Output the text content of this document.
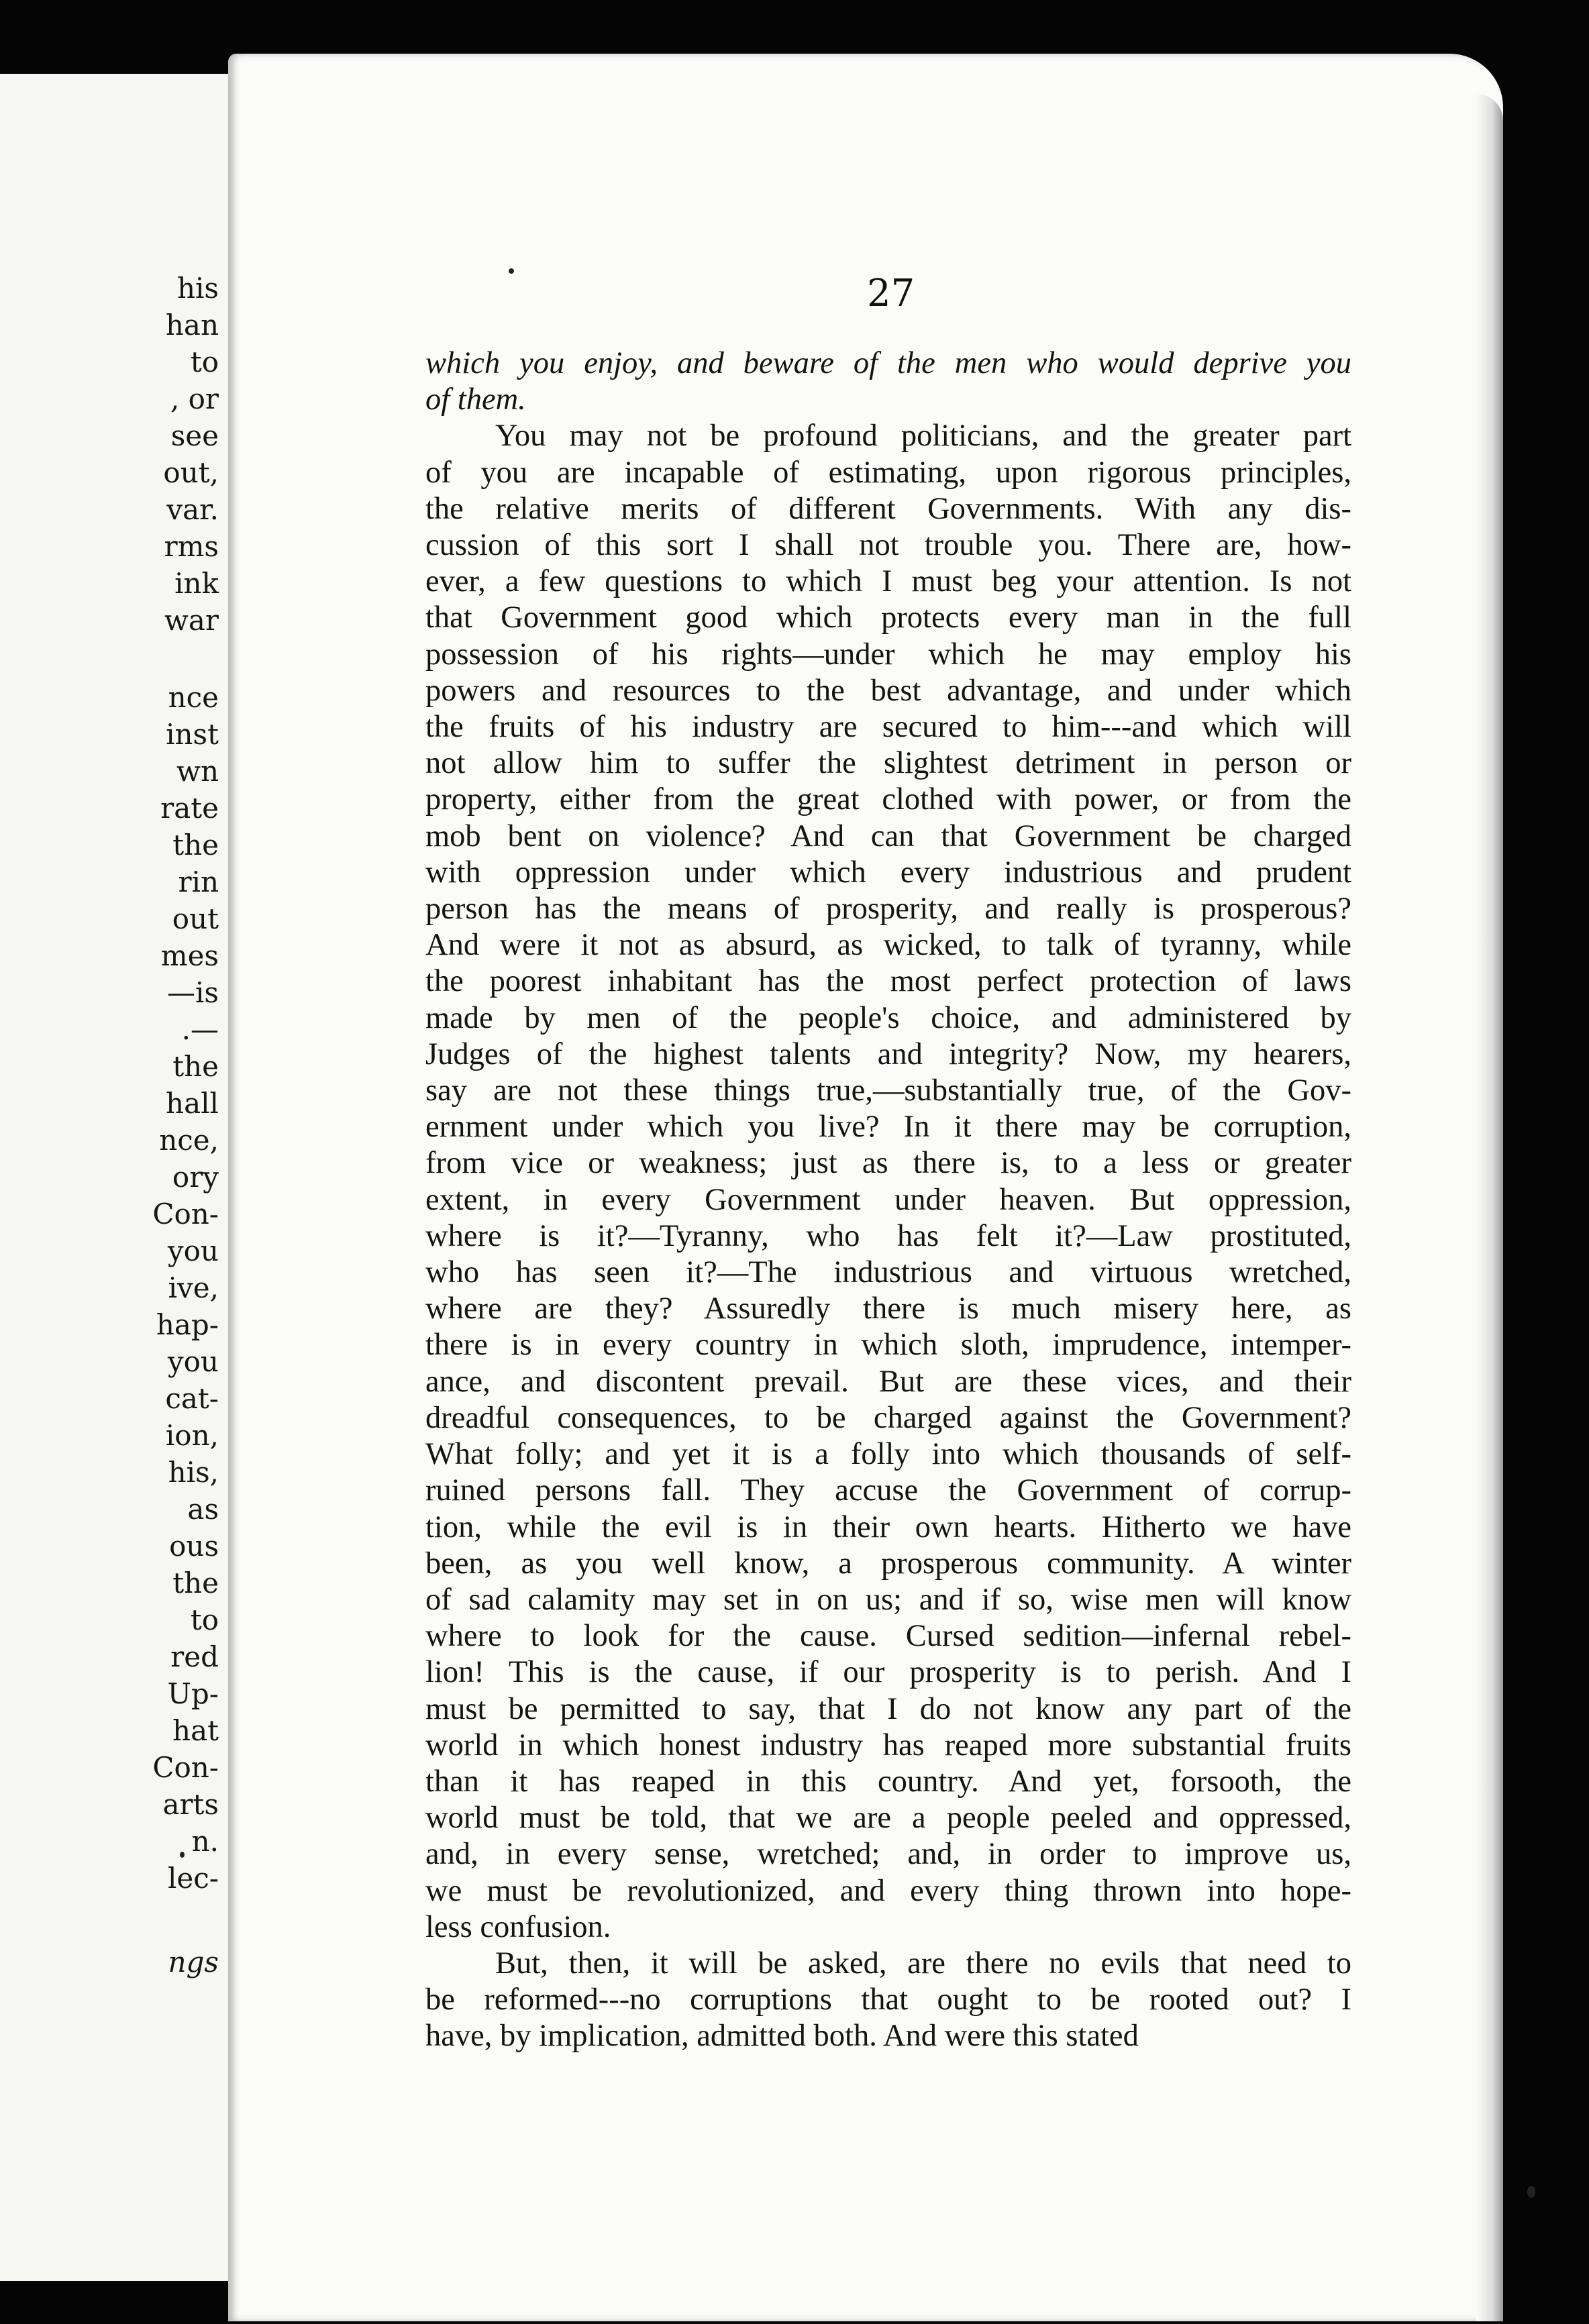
his
han
to
, or
see
out,
var.
rms
ink
war
nce
inst
wn
rate
the
rin
out
mes
—is
.—
the
hall
nce,
ory
Con-
you
ive,
hap-
you
cat-
ion,
his,
as
ous
the
to
red
Up-
hat
Con-
arts
n.
lec-
ngs
27
which you enjoy, and beware of the men who would deprive you
of them.
You may not be profound politicians, and the greater part
of you are incapable of estimating, upon rigorous principles,
the relative merits of different Governments. With any dis-
cussion of this sort I shall not trouble you. There are, how-
ever, a few questions to which I must beg your attention. Is not
that Government good which protects every man in the full
possession of his rights—under which he may employ his
powers and resources to the best advantage, and under which
the fruits of his industry are secured to him---and which will
not allow him to suffer the slightest detriment in person or
property, either from the great clothed with power, or from the
mob bent on violence? And can that Government be charged
with oppression under which every industrious and prudent
person has the means of prosperity, and really is prosperous?
And were it not as absurd, as wicked, to talk of tyranny, while
the poorest inhabitant has the most perfect protection of laws
made by men of the people's choice, and administered by
Judges of the highest talents and integrity? Now, my hearers,
say are not these things true,—substantially true, of the Gov-
ernment under which you live? In it there may be corruption,
from vice or weakness; just as there is, to a less or greater
extent, in every Government under heaven. But oppression,
where is it?—Tyranny, who has felt it?—Law prostituted,
who has seen it?—The industrious and virtuous wretched,
where are they? Assuredly there is much misery here, as
there is in every country in which sloth, imprudence, intemper-
ance, and discontent prevail. But are these vices, and their
dreadful consequences, to be charged against the Government?
What folly; and yet it is a folly into which thousands of self-
ruined persons fall. They accuse the Government of corrup-
tion, while the evil is in their own hearts. Hitherto we have
been, as you well know, a prosperous community. A winter
of sad calamity may set in on us; and if so, wise men will know
where to look for the cause. Cursed sedition—infernal rebel-
lion! This is the cause, if our prosperity is to perish. And I
must be permitted to say, that I do not know any part of the
world in which honest industry has reaped more substantial fruits
than it has reaped in this country. And yet, forsooth, the
world must be told, that we are a people peeled and oppressed,
and, in every sense, wretched; and, in order to improve us,
we must be revolutionized, and every thing thrown into hope-
less confusion.
But, then, it will be asked, are there no evils that need to
be reformed---no corruptions that ought to be rooted out? I
have, by implication, admitted both. And were this stated
